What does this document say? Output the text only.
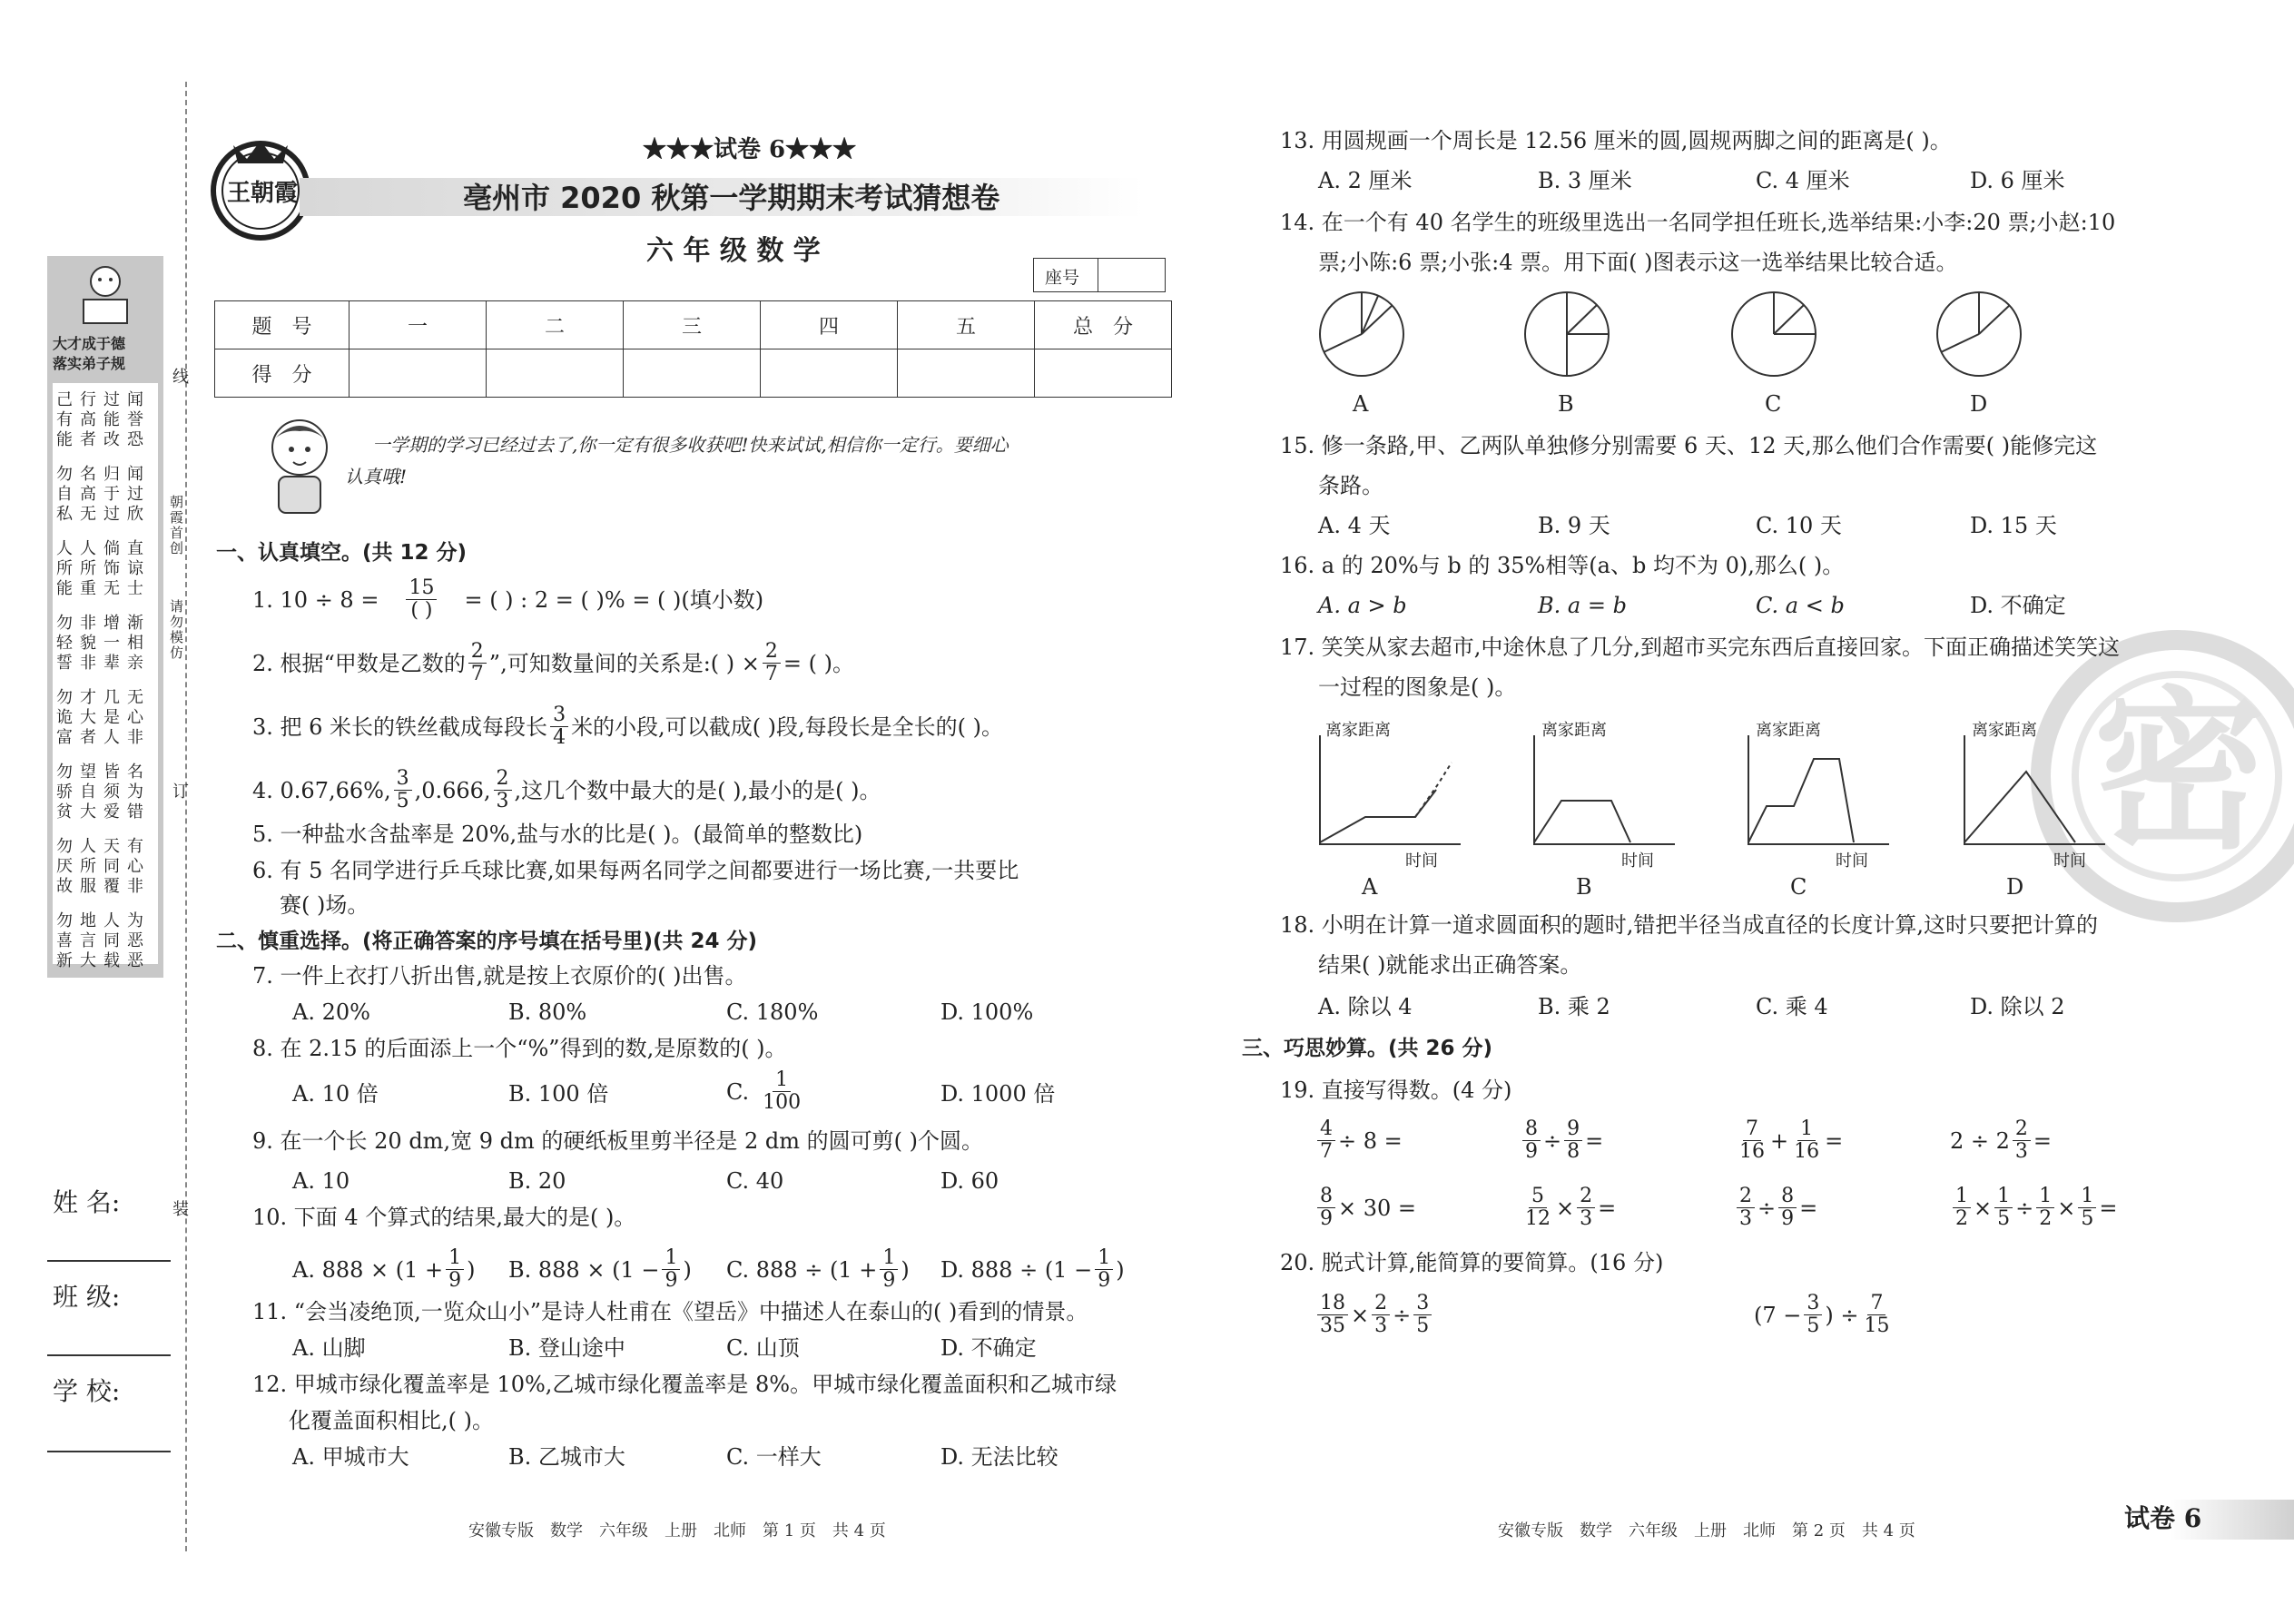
大才成于德
落实弟子规
己行过闻有高能誉能者改恐
勿名归闻自高于过私无过欣
人人倘直所所饰谅能重无士
勿非增渐轻貌一相誓非辈亲
勿才几无诡大是心富者人非
勿望皆名骄自须为贫大爱错
勿人天有厌所同心故服覆非
勿地人为喜言同恶新大载恶
线
朝霞首创
请勿模仿
订
装
姓 名:
班 级:
学 校:
王朝霞
★★★试卷 6★★★
亳州市 2020 秋第一学期期末考试猜想卷
六 年 级 数 学
座号
题　号	一	二	三	四	五	总　分
得　分						
一学期的学习已经过去了,你一定有很多收获吧!快来试试,相信你一定行。要细心
认真哦!
一、认真填空。(共 12 分)
1. $10 \div 8 = \frac{15}{( )}$ = ( ) : 2 = ( )% = ( )(填小数)
2. 根据“甲数是乙数的 $\frac{2}{7}$ ”,可知数量间的关系是:( ) × $\frac{2}{7}$ = ( )。
3. 把 6 米长的铁丝截成每段长 $\frac{3}{4}$ 米的小段,可以截成( )段,每段长是全长的( )。
4. 0.67,66%, $\frac{3}{5} ,0.666$, $\frac{2}{3}$ ,这几个数中最大的是( ),最小的是( )。
5. 一种盐水含盐率是 20%,盐与水的比是( )。(最简单的整数比)
6. 有 5 名同学进行乒乓球比赛,如果每两名同学之间都要进行一场比赛,一共要比
赛( )场。
二、慎重选择。(将正确答案的序号填在括号里)(共 24 分)
7. 一件上衣打八折出售,就是按上衣原价的( )出售。
A. 20%	B. 80%	C. 180%	D. 100%
8. 在 2.15 的后面添上一个“%”得到的数,是原数的( )。
A. 10 倍	B. 100 倍	C. $\frac{1}{100}$	D. 1000 倍
9. 在一个长 20 dm,宽 9 dm 的硬纸板里剪半径是 2 dm 的圆可剪( )个圆。
A. 10	B. 20	C. 40	D. 60
10. 下面 4 个算式的结果,最大的是( )。
A. $888 \times (1 + \frac{1}{9}$ ) B. $888 \times (1 - \frac{1}{9}$ ) C. $888 \div (1 + \frac{1}{9}$ ) D. $888 \div (1 - \frac{1}{9}$ )
11. “会当凌绝顶,一览众山小”是诗人杜甫在《望岳》中描述人在泰山的( )看到的情景。
A. 山脚	B. 登山途中	C. 山顶	D. 不确定
12. 甲城市绿化覆盖率是 10%,乙城市绿化覆盖率是 8%。甲城市绿化覆盖面积和乙城市绿
化覆盖面积相比,( )。
A. 甲城市大	B. 乙城市大	C. 一样大	D. 无法比较
安徽专版　数学　六年级　上册　北师　第 1 页　共 4 页
密
13. 用圆规画一个周长是 12.56 厘米的圆,圆规两脚之间的距离是( )。
A. 2 厘米	B. 3 厘米	C. 4 厘米	D. 6 厘米
14. 在一个有 40 名学生的班级里选出一名同学担任班长,选举结果:小李:20 票;小赵:10
票;小陈:6 票;小张:4 票。用下面( )图表示这一选举结果比较合适。
A	B	C	D
15. 修一条路,甲、乙两队单独修分别需要 6 天、12 天,那么他们合作需要( )能修完这
条路。
A. 4 天	B. 9 天	C. 10 天	D. 15 天
16. a 的 20%与 b 的 35%相等(a、b 均不为 0),那么( )。
A. a > b	B. a = b	C. a < b	D. 不确定
17. 笑笑从家去超市,中途休息了几分,到超市买完东西后直接回家。下面正确描述笑笑这
一过程的图象是( )。
离家距离
时间
离家距离
时间
离家距离
时间
离家距离
时间
A	B	C	D
18. 小明在计算一道求圆面积的题时,错把半径当成直径的长度计算,这时只要把计算的
结果( )就能求出正确答案。
A. 除以 4	B. 乘 2	C. 乘 4	D. 除以 2
三、巧思妙算。(共 26 分)
19. 直接写得数。(4 分)
$\frac{4}{7} \div 8$ =	$\frac{8}{9} \div \frac{9}{8}$ =	$\frac{7}{16} + \frac{1}{16}$ =	$2 \div 2 \frac{2}{3}$ =
$\frac{8}{9} \times 30$ =	$\frac{5}{12} \times \frac{2}{3}$ =	$\frac{2}{3} \div \frac{8}{9}$ =	$\frac{1}{2} \times \frac{1}{5} \div \frac{1}{2} \times \frac{1}{5}$ =
20. 脱式计算,能简算的要简算。(16 分)
$\frac{18}{35} \times \frac{2}{3} \div \frac{3}{5}$	($7 - \frac{3}{5}$ ) ÷ $\frac{7}{15}$
安徽专版　数学　六年级　上册　北师　第 2 页　共 4 页	试卷 6
